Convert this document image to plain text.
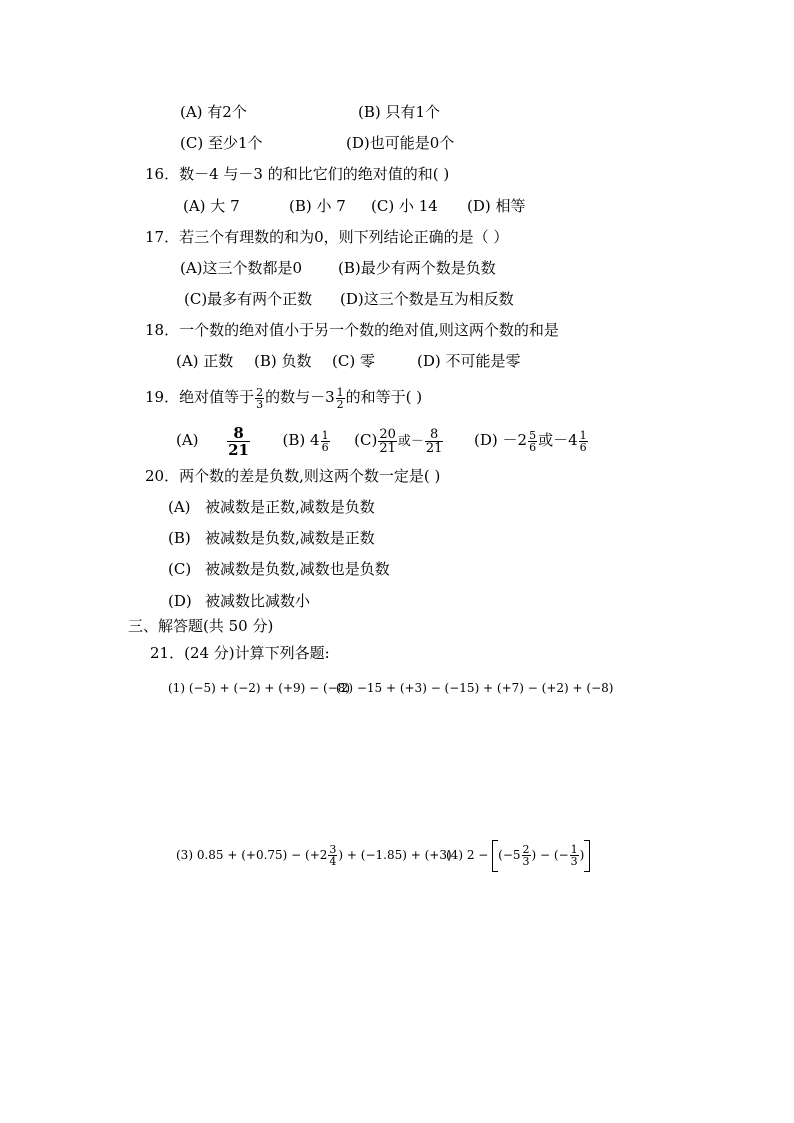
(A) 有2个	(B) 只有1个
(C) 至少1个	(D)也可能是0个
16．数－4 与－3 的和比它们的绝对值的和( )
(A) 大 7	(B) 小 7 (C) 小 14 (D) 相等
17．若三个有理数的和为0，则下列结论正确的是（ ）
(A)这三个数都是0 (B)最少有两个数是负数
(C)最多有两个正数 (D)这三个数是互为相反数
18．一个数的绝对值小于另一个数的绝对值,则这两个数的和是
(A) 正数 (B) 负数 (C) 零	(D) 不可能是零
19．绝对值等于 $\frac{2}{3}$ 的数与$-3 \frac{1}{2}$ 的和等于( )
$(A) \frac{8}{21} (B)$ $4 \frac{1}{6} (C) \frac{20}{21}$ 或－ $\frac{8}{21} (D) -2 \frac{5}{6}$ 或$-4 \frac{1}{6}$
20．两个数的差是负数,则这两个数一定是( )
(A) 被减数是正数,减数是负数
(B) 被减数是负数,减数是正数
(C) 被减数是负数,减数也是负数
(D) 被减数比减数小
三、解答题(共 50 分)
21．(24 分)计算下列各题:
(1) (−5) + (−2) + (+9) − (−8)
(2) −15 + (+3) − (−15) + (+7) − (+2) + (−8)
(3) $0.85 + (+0.75) - (+2 \frac{3}{4}$ ) + (−1.85) + (+3)
(4) $2 - (-5 \frac{2}{3}$ ) − (− $\frac{1}{3}$ )
